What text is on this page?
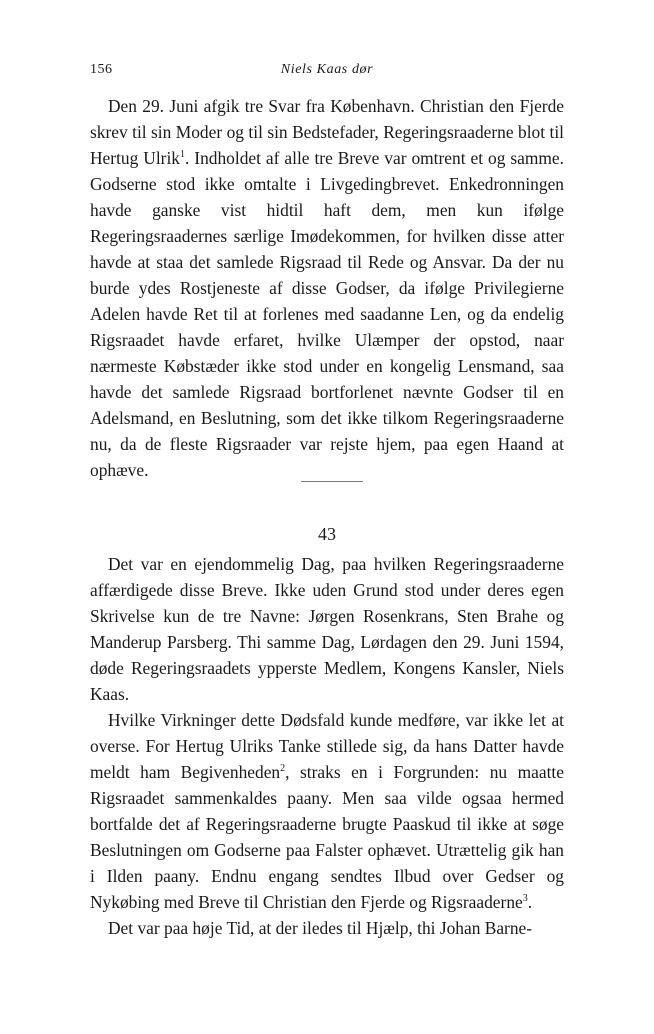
156	Niels Kaas dør

Den 29. Juni afgik tre Svar fra København. Christian den Fjerde skrev til sin Moder og til sin Bedstefader, Regeringsraaderne blot til Hertug Ulrik$^1$. Indholdet af alle tre Breve var omtrent et og samme. Godserne stod ikke omtalte i Livgedingbrevet. Enkedronningen havde ganske vist hidtil haft dem, men kun ifølge Regeringsraadernes særlige Imødekommen, for hvilken disse atter havde at staa det samlede Rigsraad til Rede og Ansvar. Da der nu burde ydes Rostjeneste af disse Godser, da ifølge Privilegierne Adelen havde Ret til at forlenes med saadanne Len, og da endelig Rigsraadet havde erfaret, hvilke Ulæmper der opstod, naar nærmeste Købstæder ikke stod under en kongelig Lensmand, saa havde det samlede Rigsraad bortforlenet nævnte Godser til en Adelsmand, en Beslutning, som det ikke tilkom Regeringsraaderne nu, da de fleste Rigsraader var rejste hjem, paa egen Haand at ophæve.

43

Det var en ejendommelig Dag, paa hvilken Regeringsraaderne affærdigede disse Breve. Ikke uden Grund stod under deres egen Skrivelse kun de tre Navne: Jørgen Rosenkrans, Sten Brahe og Manderup Parsberg. Thi samme Dag, Lørdagen den 29. Juni 1594, døde Regeringsraadets ypperste Medlem, Kongens Kansler, Niels Kaas.

Hvilke Virkninger dette Dødsfald kunde medføre, var ikke let at overse. For Hertug Ulriks Tanke stillede sig, da hans Datter havde meldt ham Begivenheden$^2$, straks en i Forgrunden: nu maatte Rigsraadet sammenkaldes paany. Men saa vilde ogsaa hermed bortfalde det af Regeringsraaderne brugte Paaskud til ikke at søge Beslutningen om Godserne paa Falster ophævet. Utrættelig gik han i Ilden paany. Endnu engang sendtes Ilbud over Gedser og Nykøbing med Breve til Christian den Fjerde og Rigsraaderne$^3$.

Det var paa høje Tid, at der iledes til Hjælp, thi Johan Barne-
